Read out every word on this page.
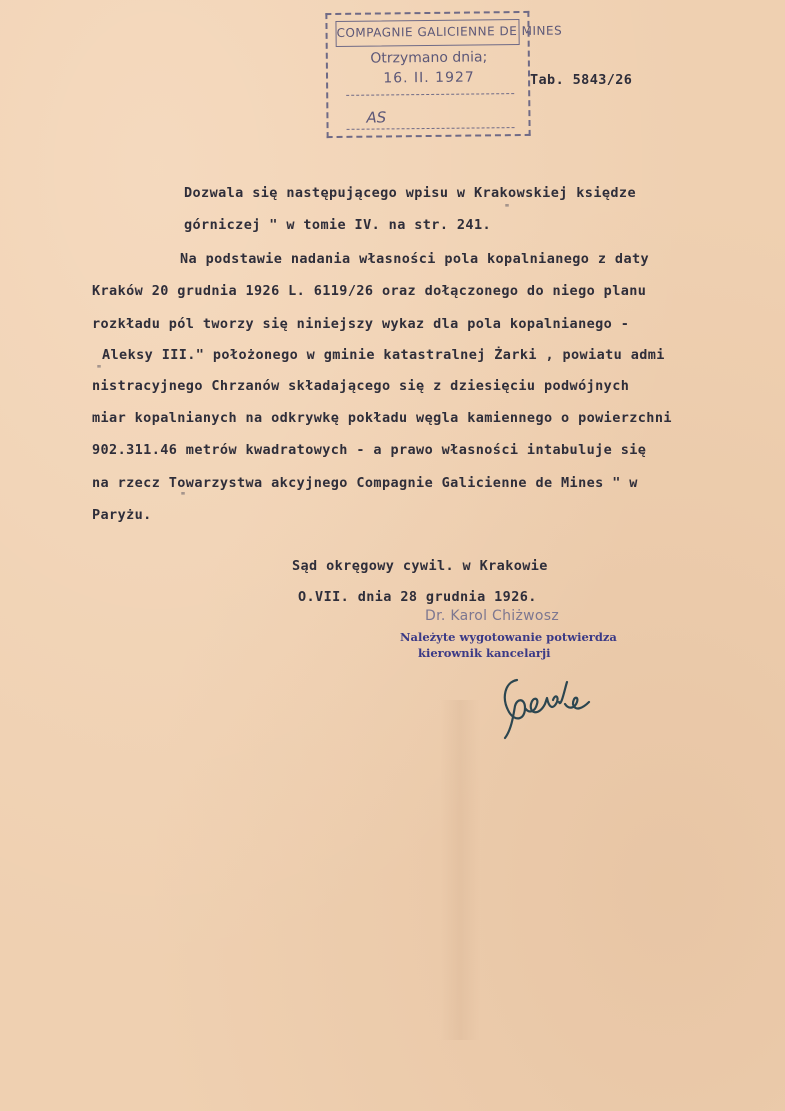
COMPAGNIE GALICIENNE DE MINES
Otrzymano dnia;
16. II. 1927
AS
Tab. 5843/26
"
"
"
Dozwala się następującego wpisu w Krakowskiej księdze
górniczej " w tomie IV. na str. 241.
Na podstawie nadania własności pola kopalnianego z daty
Kraków 20 grudnia 1926 L. 6119/26 oraz dołączonego do niego planu
rozkładu pól tworzy się niniejszy wykaz dla pola kopalnianego -
Aleksy III." położonego w gminie katastralnej Żarki , powiatu admi
nistracyjnego Chrzanów składającego się z dziesięciu podwójnych
miar kopalnianych na odkrywkę pokładu węgla kamiennego o powierzchni
902.311.46 metrów kwadratowych - a prawo własności intabuluje się
na rzecz Towarzystwa akcyjnego Compagnie Galicienne de Mines " w
Paryżu.
Sąd okręgowy cywil. w Krakowie
O.VII. dnia 28 grudnia 1926.
Dr. Karol Chiżwosz
Należyte wygotowanie potwierdza
kierownik kancelarji
